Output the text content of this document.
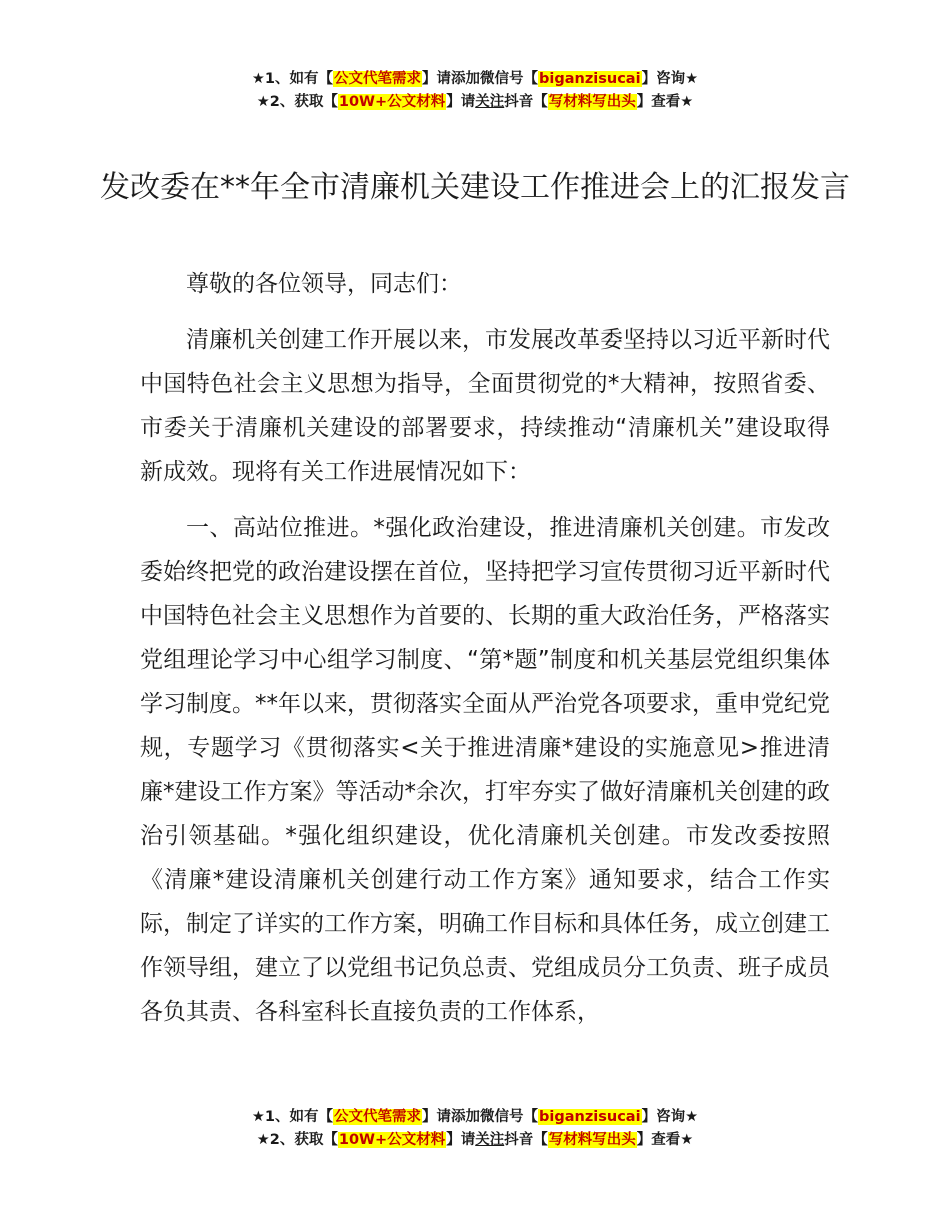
★1、如有【公文代笔需求】请添加微信号【biganzisucai】咨询★
★2、获取【10W+公文材料】请关注抖音【写材料写出头】查看★
发改委在**年全市清廉机关建设工作推进会上的汇报发言

尊敬的各位领导，同志们：

清廉机关创建工作开展以来，市发展改革委坚持以习近平新时代中国特色社会主义思想为指导，全面贯彻党的*大精神，按照省委、市委关于清廉机关建设的部署要求，持续推动“清廉机关”建设取得新成效。现将有关工作进展情况如下：

一、高站位推进。*强化政治建设，推进清廉机关创建。市发改委始终把党的政治建设摆在首位，坚持把学习宣传贯彻习近平新时代中国特色社会主义思想作为首要的、长期的重大政治任务，严格落实党组理论学习中心组学习制度、“第*题”制度和机关基层党组织集体学习制度。**年以来，贯彻落实全面从严治党各项要求，重申党纪党规，专题学习《贯彻落实<关于推进清廉*建设的实施意见>推进清廉*建设工作方案》等活动*余次，打牢夯实了做好清廉机关创建的政治引领基础。*强化组织建设，优化清廉机关创建。市发改委按照《清廉*建设清廉机关创建行动工作方案》通知要求，结合工作实际，制定了详实的工作方案，明确工作目标和具体任务，成立创建工作领导组，建立了以党组书记负总责、党组成员分工负责、班子成员各负其责、各科室科长直接负责的工作体系，

★1、如有【公文代笔需求】请添加微信号【biganzisucai】咨询★
★2、获取【10W+公文材料】请关注抖音【写材料写出头】查看★
